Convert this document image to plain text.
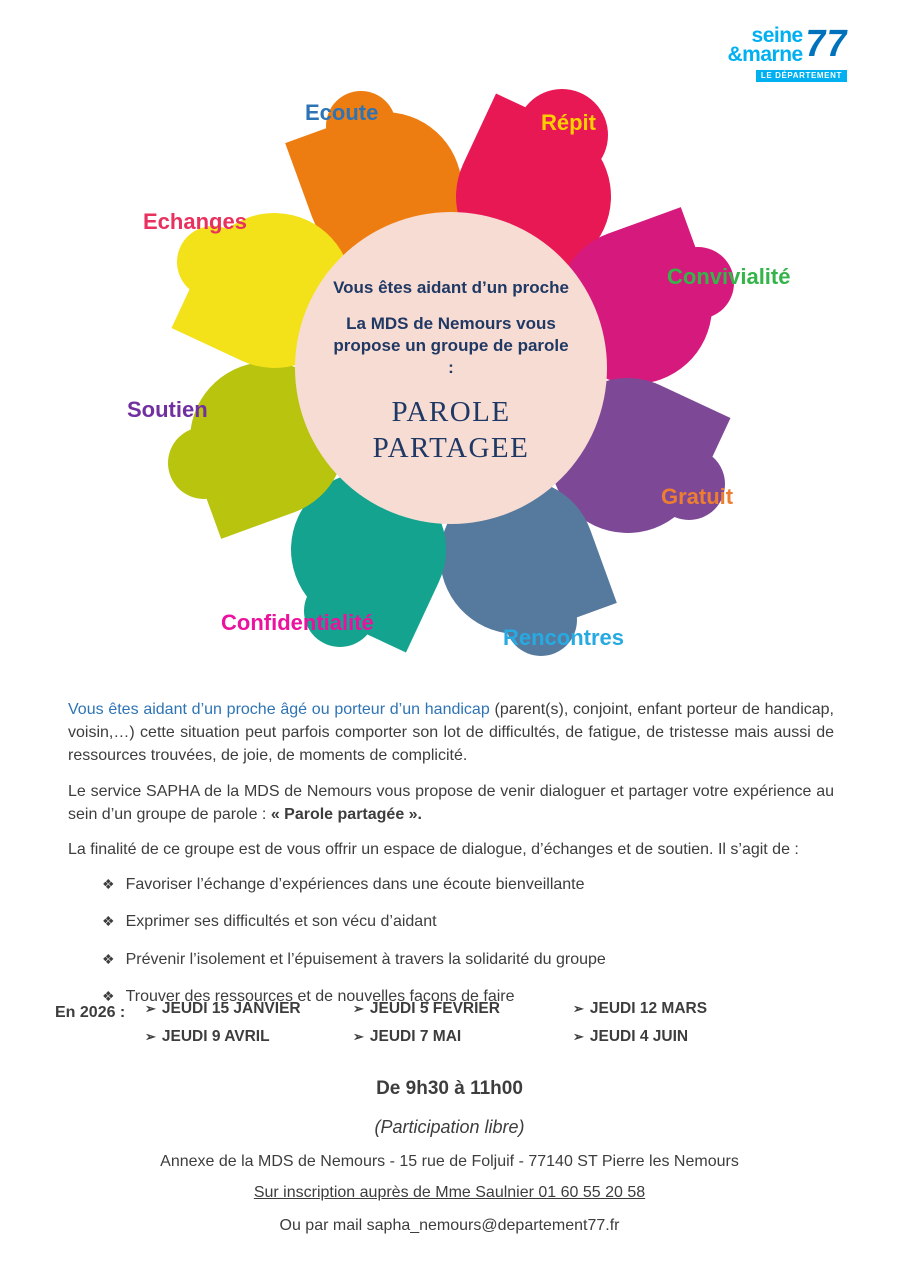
seine
&marne 77
LE DÉPARTEMENT
Ecoute	Répit
Convivialité
Gratuit
Rencontres
Confidentialité
Soutien
Echanges

Vous êtes aidant d’un proche

La MDS de Nemours vous propose un groupe de parole :

PAROLE PARTAGEE

Vous êtes aidant d’un proche âgé ou porteur d’un handicap (parent(s), conjoint, enfant porteur de handicap, voisin,…) cette situation peut parfois comporter son lot de difficultés, de fatigue, de tristesse mais aussi de ressources trouvées, de joie, de moments de complicité.

Le service SAPHA de la MDS de Nemours vous propose de venir dialoguer et partager votre expérience au sein d’un groupe de parole : « Parole partagée ».

La finalité de ce groupe est de vous offrir un espace de dialogue, d’échanges et de soutien. Il s’agit de :

❖ Favoriser l’échange d’expériences dans une écoute bienveillante
❖ Exprimer ses difficultés et son vécu d’aidant
❖ Prévenir l’isolement et l’épuisement à travers la solidarité du groupe
❖ Trouver des ressources et de nouvelles façons de faire
En 2026 :	➢ JEUDI 15 JANVIER	➢ JEUDI 5 FEVRIER	➢ JEUDI 12 MARS
➢ JEUDI 9 AVRIL	➢ JEUDI 7 MAI	➢ JEUDI 4 JUIN
De 9h30 à 11h00
(Participation libre)
Annexe de la MDS de Nemours - 15 rue de Foljuif - 77140 ST Pierre les Nemours
Sur inscription auprès de Mme Saulnier 01 60 55 20 58
Ou par mail sapha_nemours@departement77.fr
